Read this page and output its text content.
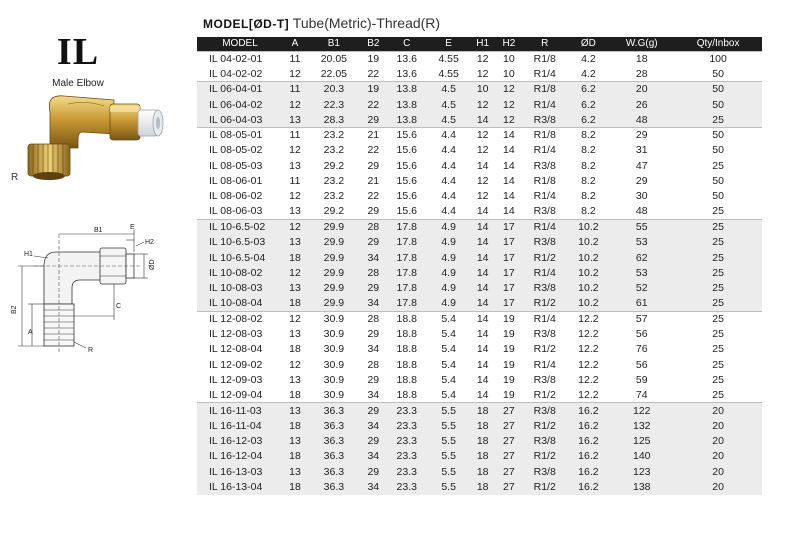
IL
Male Elbow
R
B1	E
H1
H2
ØD
B2
A
C
R
MODEL[ØD-T] Tube(Metric)-Thread(R)
MODEL	A	B1	B2	C	E	H1	H2	R	ØD	W.G(g)	Qty/Inbox
IL 04-02-01	11	20.05	19	13.6	4.55	12	10	R1/8	4.2	18	100
IL 04-02-02	12	22.05	22	13.6	4.55	12	10	R1/4	4.2	28	50
IL 06-04-01	11	20.3	19	13.8	4.5	10	12	R1/8	6.2	20	50
IL 06-04-02	12	22.3	22	13.8	4.5	12	12	R1/4	6.2	26	50
IL 06-04-03	13	28.3	29	13.8	4.5	14	12	R3/8	6.2	48	25
IL 08-05-01	11	23.2	21	15.6	4.4	12	14	R1/8	8.2	29	50
IL 08-05-02	12	23.2	22	15.6	4.4	12	14	R1/4	8.2	31	50
IL 08-05-03	13	29.2	29	15.6	4.4	14	14	R3/8	8.2	47	25
IL 08-06-01	11	23.2	21	15.6	4.4	12	14	R1/8	8.2	29	50
IL 08-06-02	12	23.2	22	15.6	4.4	12	14	R1/4	8.2	30	50
IL 08-06-03	13	29.2	29	15.6	4.4	14	14	R3/8	8.2	48	25
IL 10-6.5-02	12	29.9	28	17.8	4.9	14	17	R1/4	10.2	55	25
IL 10-6.5-03	13	29.9	29	17.8	4.9	14	17	R3/8	10.2	53	25
IL 10-6.5-04	18	29.9	34	17.8	4.9	14	17	R1/2	10.2	62	25
IL 10-08-02	12	29.9	28	17.8	4.9	14	17	R1/4	10.2	53	25
IL 10-08-03	13	29.9	29	17.8	4.9	14	17	R3/8	10.2	52	25
IL 10-08-04	18	29.9	34	17.8	4.9	14	17	R1/2	10.2	61	25
IL 12-08-02	12	30.9	28	18.8	5.4	14	19	R1/4	12.2	57	25
IL 12-08-03	13	30.9	29	18.8	5.4	14	19	R3/8	12.2	56	25
IL 12-08-04	18	30.9	34	18.8	5.4	14	19	R1/2	12.2	76	25
IL 12-09-02	12	30.9	28	18.8	5.4	14	19	R1/4	12.2	56	25
IL 12-09-03	13	30.9	29	18.8	5.4	14	19	R3/8	12.2	59	25
IL 12-09-04	18	30.9	34	18.8	5.4	14	19	R1/2	12.2	74	25
IL 16-11-03	13	36.3	29	23.3	5.5	18	27	R3/8	16.2	122	20
IL 16-11-04	18	36.3	34	23.3	5.5	18	27	R1/2	16.2	132	20
IL 16-12-03	13	36.3	29	23.3	5.5	18	27	R3/8	16.2	125	20
IL 16-12-04	18	36.3	34	23.3	5.5	18	27	R1/2	16.2	140	20
IL 16-13-03	13	36.3	29	23.3	5.5	18	27	R3/8	16.2	123	20
IL 16-13-04	18	36.3	34	23.3	5.5	18	27	R1/2	16.2	138	20
